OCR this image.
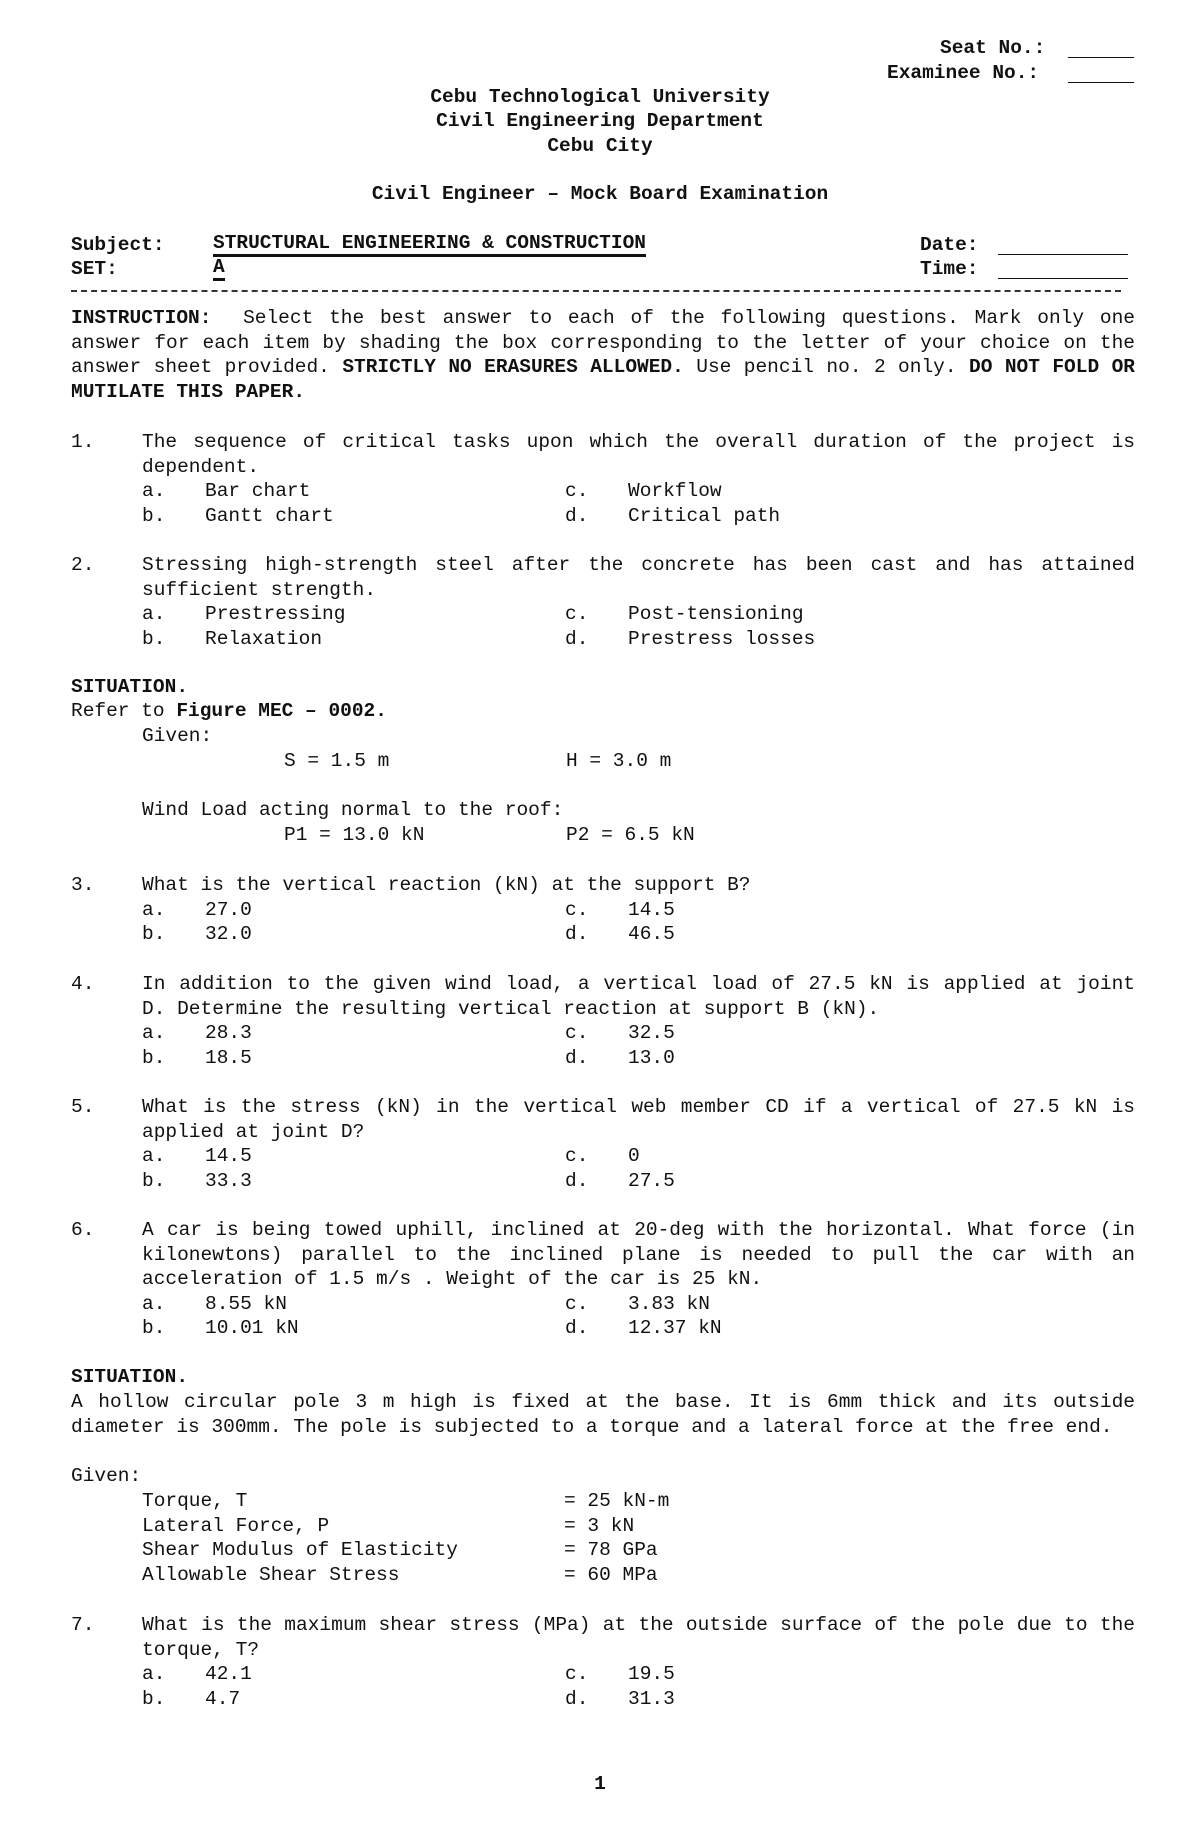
Seat No.:
Examinee No.:
Cebu Technological University
Civil Engineering Department
Cebu City
Civil Engineer – Mock Board Examination
Subject: STRUCTURAL ENGINEERING & CONSTRUCTION
SET:	A
Date:
Time:
INSTRUCTION: Select the best answer to each of the following questions. Mark only one answer for each item by shading the box corresponding to the letter of your choice on the answer sheet provided. STRICTLY NO ERASURES ALLOWED. Use pencil no. 2 only. DO NOT FOLD OR MUTILATE THIS PAPER.
1. The sequence of critical tasks upon which the overall duration of the project is dependent.
a. Bar chart
b. Gantt chart
c. Workflow
d. Critical path
2. Stressing high-strength steel after the concrete has been cast and has attained sufficient strength.
a. Prestressing
b. Relaxation
c. Post-tensioning
d. Prestress losses
SITUATION.
Refer to Figure MEC – 0002.
Given:
S = 1.5 m	H = 3.0 m
Wind Load acting normal to the roof:
P1 = 13.0 kN	P2 = 6.5 kN
3. What is the vertical reaction (kN) at the support B?
a. 27.0
b. 32.0
c. 14.5
d. 46.5
4. In addition to the given wind load, a vertical load of 27.5 kN is applied at joint D. Determine the resulting vertical reaction at support B (kN).
a. 28.3
b. 18.5
c. 32.5
d. 13.0
5. What is the stress (kN) in the vertical web member CD if a vertical of 27.5 kN is applied at joint D?
a. 14.5
b. 33.3
c. 0
d. 27.5
6. A car is being towed uphill, inclined at 20-deg with the horizontal. What force (in kilonewtons) parallel to the inclined plane is needed to pull the car with an acceleration of 1.5 m/s . Weight of the car is 25 kN.
a. 8.55 kN
b. 10.01 kN
c. 3.83 kN
d. 12.37 kN
SITUATION.
A hollow circular pole 3 m high is fixed at the base. It is 6mm thick and its outside diameter is 300mm. The pole is subjected to a torque and a lateral force at the free end.
Given:
Torque, T	= 25 kN-m
Lateral Force, P	= 3 kN
Shear Modulus of Elasticity	= 78 GPa
Allowable Shear Stress	= 60 MPa
7. What is the maximum shear stress (MPa) at the outside surface of the pole due to the torque, T?
a. 42.1
b. 4.7
c. 19.5
d. 31.3
1
